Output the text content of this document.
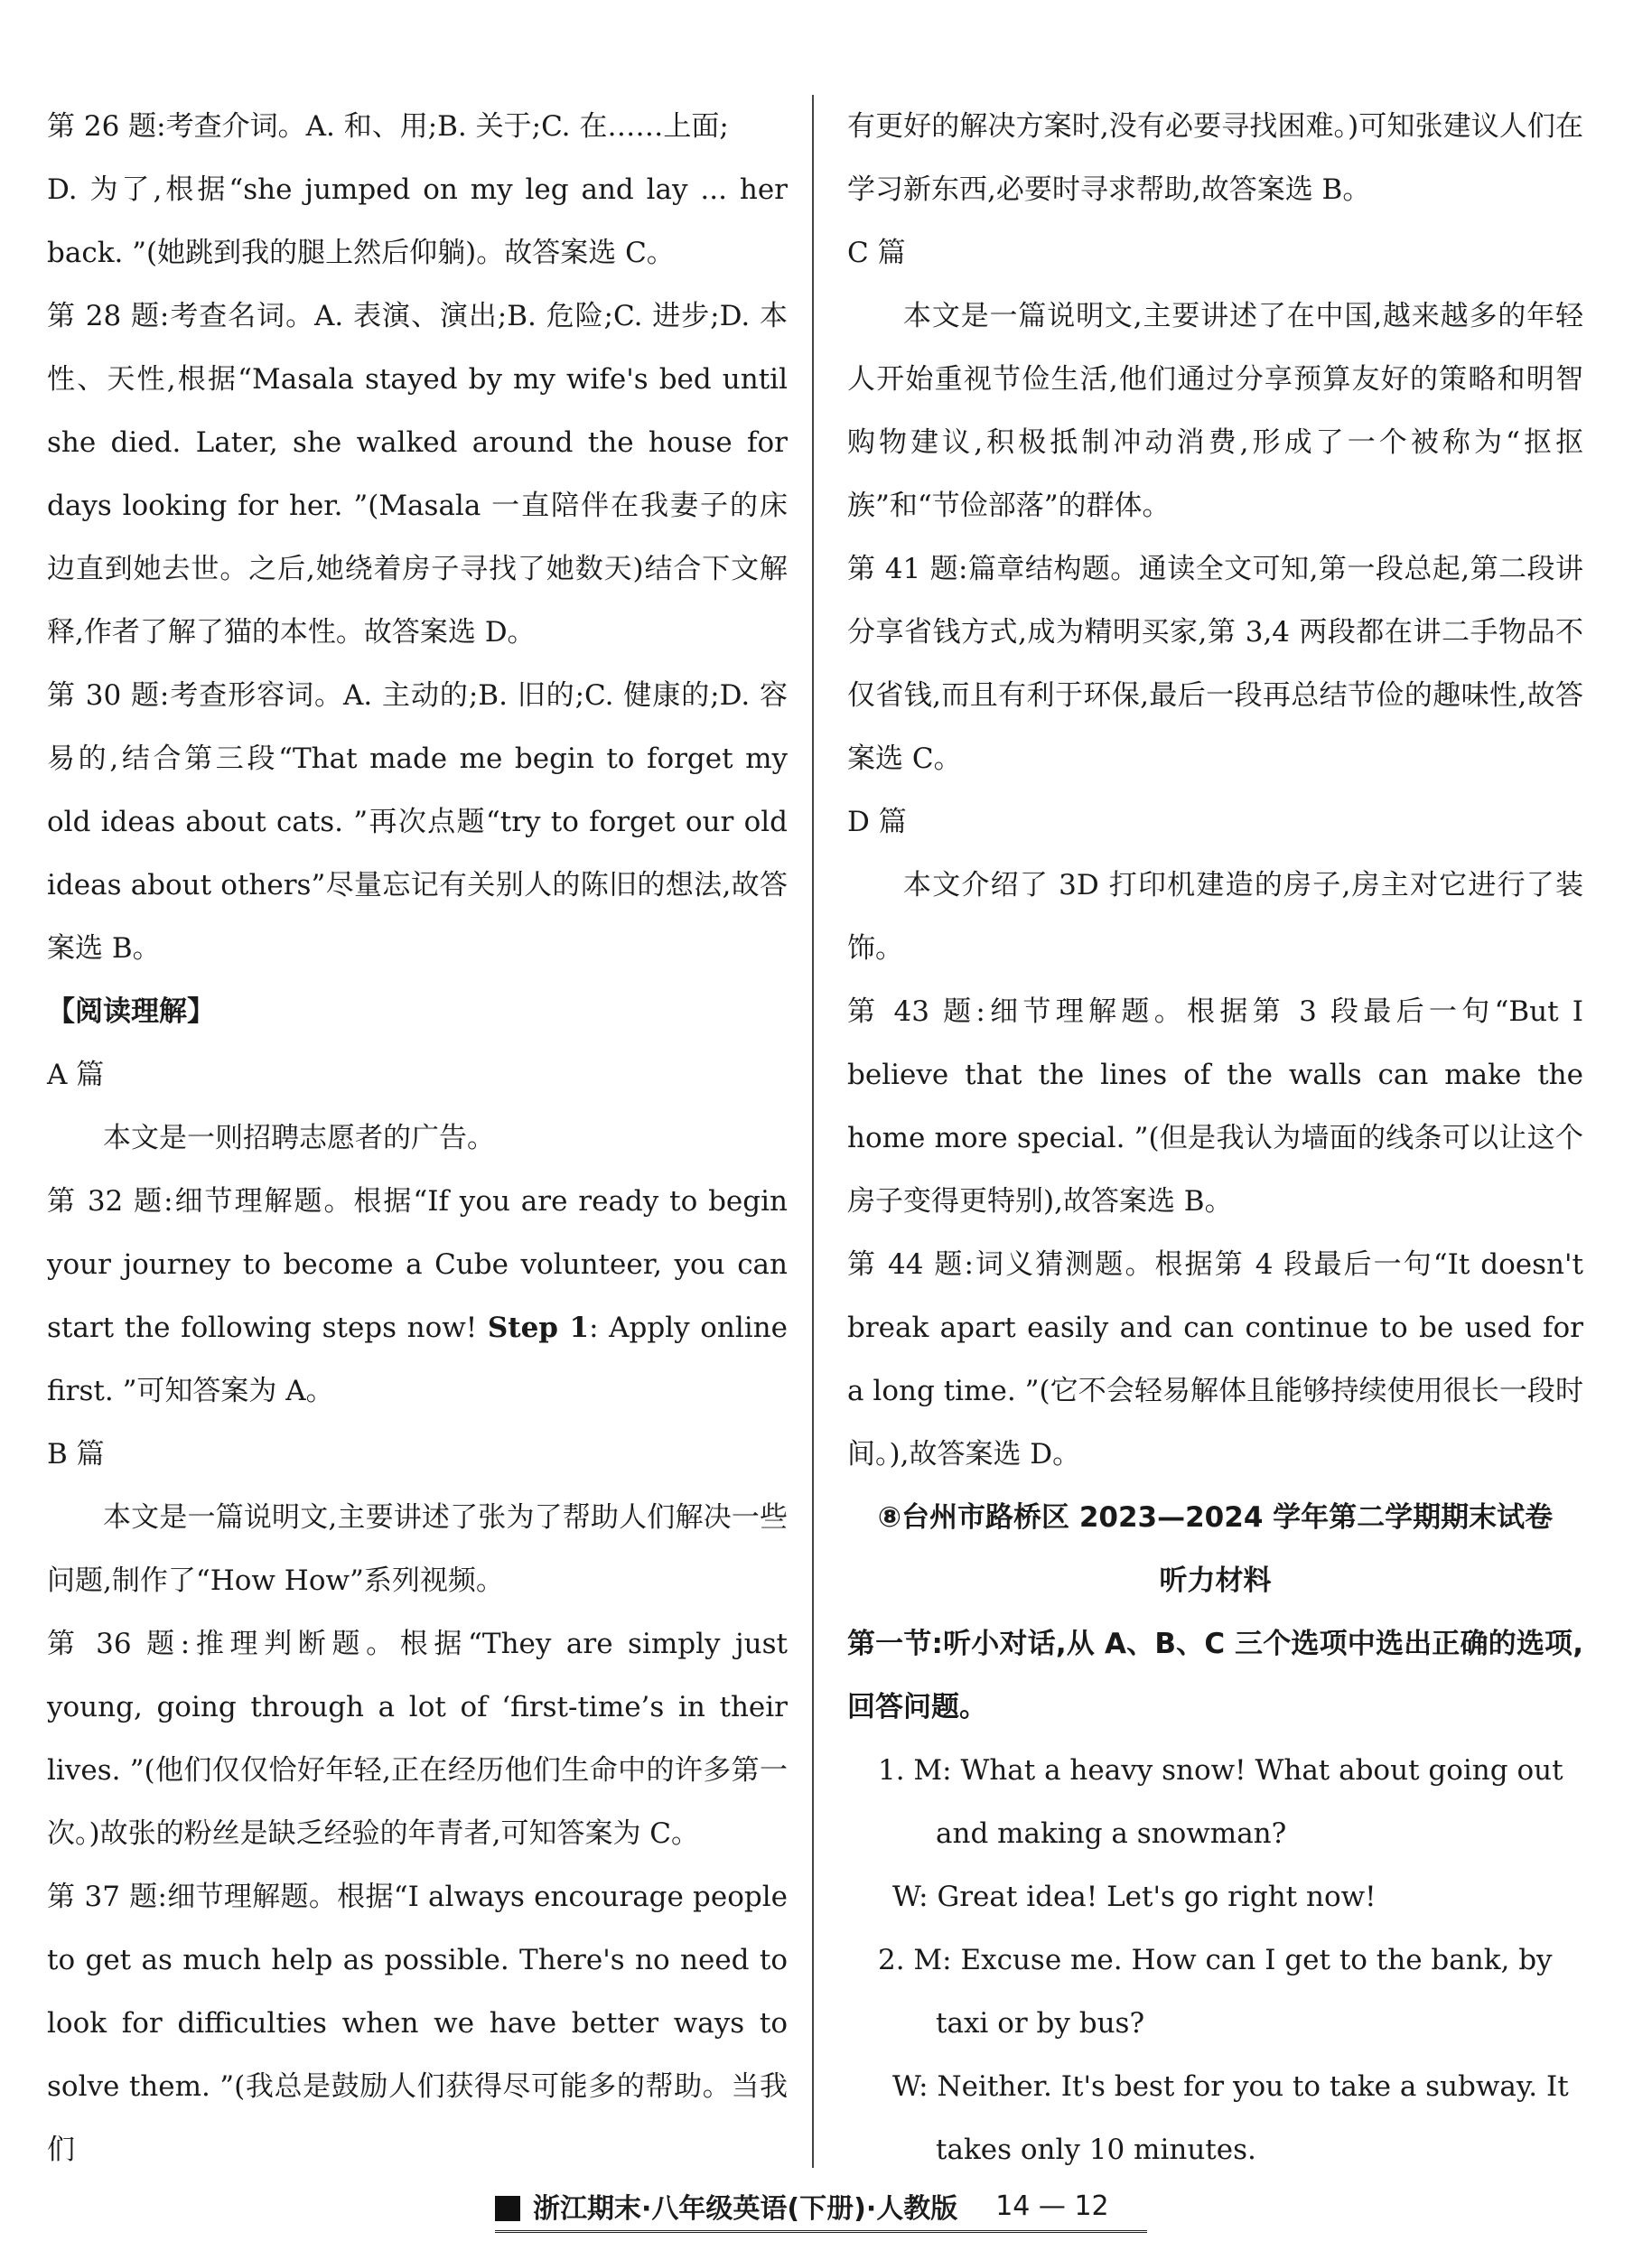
第 26 题:考查介词。A. 和、用;B. 关于;C. 在……上面;

D. 为了,根据“she jumped on my leg and lay ... her back. ”(她跳到我的腿上然后仰躺)。故答案选 C。

第 28 题:考查名词。A. 表演、演出;B. 危险;C. 进步;D. 本性、天性,根据“Masala stayed by my wife's bed until she died. Later, she walked around the house for days looking for her. ”(Masala 一直陪伴在我妻子的床边直到她去世。之后,她绕着房子寻找了她数天)结合下文解释,作者了解了猫的本性。故答案选 D。

第 30 题:考查形容词。A. 主动的;B. 旧的;C. 健康的;D. 容易的,结合第三段“That made me begin to forget my old ideas about cats. ”再次点题“try to forget our old ideas about others”尽量忘记有关别人的陈旧的想法,故答案选 B。

【阅读理解】

A 篇

本文是一则招聘志愿者的广告。

第 32 题:细节理解题。根据“If you are ready to begin your journey to become a Cube volunteer, you can start the following steps now! Step 1: Apply online first. ”可知答案为 A。

B 篇

本文是一篇说明文,主要讲述了张为了帮助人们解决一些问题,制作了“How How”系列视频。

第 36 题:推理判断题。根据“They are simply just young, going through a lot of ‘first-time’s in their lives. ”(他们仅仅恰好年轻,正在经历他们生命中的许多第一次。)故张的粉丝是缺乏经验的年青者,可知答案为 C。

第 37 题:细节理解题。根据“I always encourage people to get as much help as possible. There's no need to look for difficulties when we have better ways to solve them. ”(我总是鼓励人们获得尽可能多的帮助。当我们

有更好的解决方案时,没有必要寻找困难。)可知张建议人们在学习新东西,必要时寻求帮助,故答案选 B。

C 篇

本文是一篇说明文,主要讲述了在中国,越来越多的年轻人开始重视节俭生活,他们通过分享预算友好的策略和明智购物建议,积极抵制冲动消费,形成了一个被称为“抠抠族”和“节俭部落”的群体。

第 41 题:篇章结构题。通读全文可知,第一段总起,第二段讲分享省钱方式,成为精明买家,第 3,4 两段都在讲二手物品不仅省钱,而且有利于环保,最后一段再总结节俭的趣味性,故答案选 C。

D 篇

本文介绍了 3D 打印机建造的房子,房主对它进行了装饰。

第 43 题:细节理解题。根据第 3 段最后一句“But I believe that the lines of the walls can make the home more special. ”(但是我认为墙面的线条可以让这个房子变得更特别),故答案选 B。

第 44 题:词义猜测题。根据第 4 段最后一句“It doesn't break apart easily and can continue to be used for a long time. ”(它不会轻易解体且能够持续使用很长一段时间。),故答案选 D。

⑧台州市路桥区 2023—2024 学年第二学期期末试卷

听力材料

第一节:听小对话,从 A、B、C 三个选项中选出正确的选项,回答问题。

1. M: What a heavy snow! What about going out and making a snowman?

W: Great idea! Let's go right now!

2. M: Excuse me. How can I get to the bank, by taxi or by bus?

W: Neither. It's best for you to take a subway. It takes only 10 minutes.

浙江期末·八年级英语(下册)·人教版 14 — 12
